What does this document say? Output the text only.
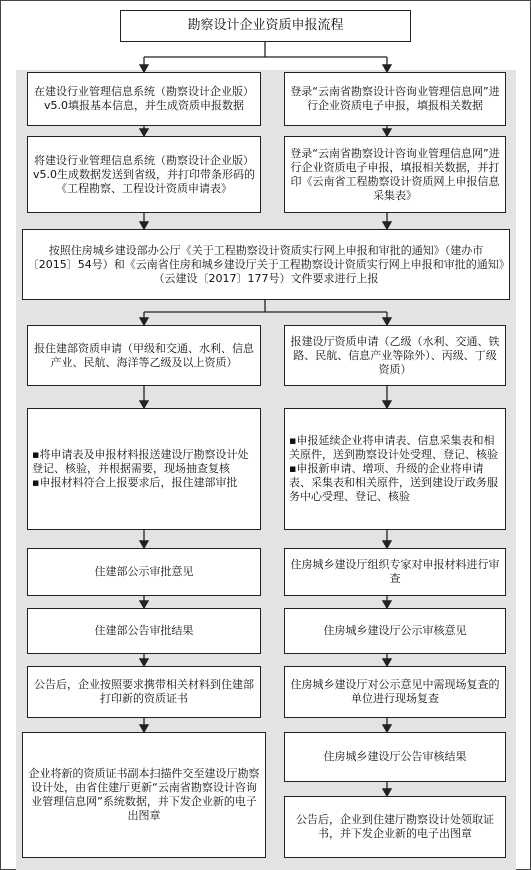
勘察设计企业资质申报流程
在建设行业管理信息系统（勘察设计企业版）v5.0填报基本信息，并生成资质申报数据
将建设行业管理信息系统（勘察设计企业版）v5.0生成数据发送到省级，并打印带条形码的《工程勘察、工程设计资质申请表》
登录“云南省勘察设计咨询业管理信息网”进行企业资质电子申报，填报相关数据
登录“云南省勘察设计咨询业管理信息网”进行企业资质电子申报，填报相关数据，并打印《云南省工程勘察设计资质网上申报信息采集表》
按照住房城乡建设部办公厅《关于工程勘察设计资质实行网上申报和审批的通知》（建办市〔2015〕54号）和《云南省住房和城乡建设厅关于工程勘察设计资质实行网上申报和审批的通知》（云建设〔2017〕177号）文件要求进行上报
报住建部资质申请（甲级和交通、水利、信息产业、民航、海洋等乙级及以上资质）
▪将申请表及申报材料报送建设厅勘察设计处登记、核验，并根据需要，现场抽查复核
▪申报材料符合上报要求后，报住建部审批
住建部公示审批意见
住建部公告审批结果
公告后，企业按照要求携带相关材料到住建部打印新的资质证书
企业将新的资质证书副本扫描件交至建设厅勘察设计处，由省住建厅更新“云南省勘察设计咨询业管理信息网”系统数据，并下发企业新的电子出图章
报建设厅资质申请（乙级（水利、交通、铁路、民航、信息产业等除外）、丙级、丁级资质）
▪申报延续企业将申请表、信息采集表和相关原件，送到勘察设计处受理、登记、核验
▪申报新申请、增项、升级的企业将申请表、采集表和相关原件，送到建设厅政务服务中心受理、登记、核验
住房城乡建设厅组织专家对申报材料进行审查
住房城乡建设厅公示审核意见
住房城乡建设厅对公示意见中需现场复查的单位进行现场复查
住房城乡建设厅公告审核结果
公告后，企业到住建厅勘察设计处领取证书，并下发企业新的电子出图章
